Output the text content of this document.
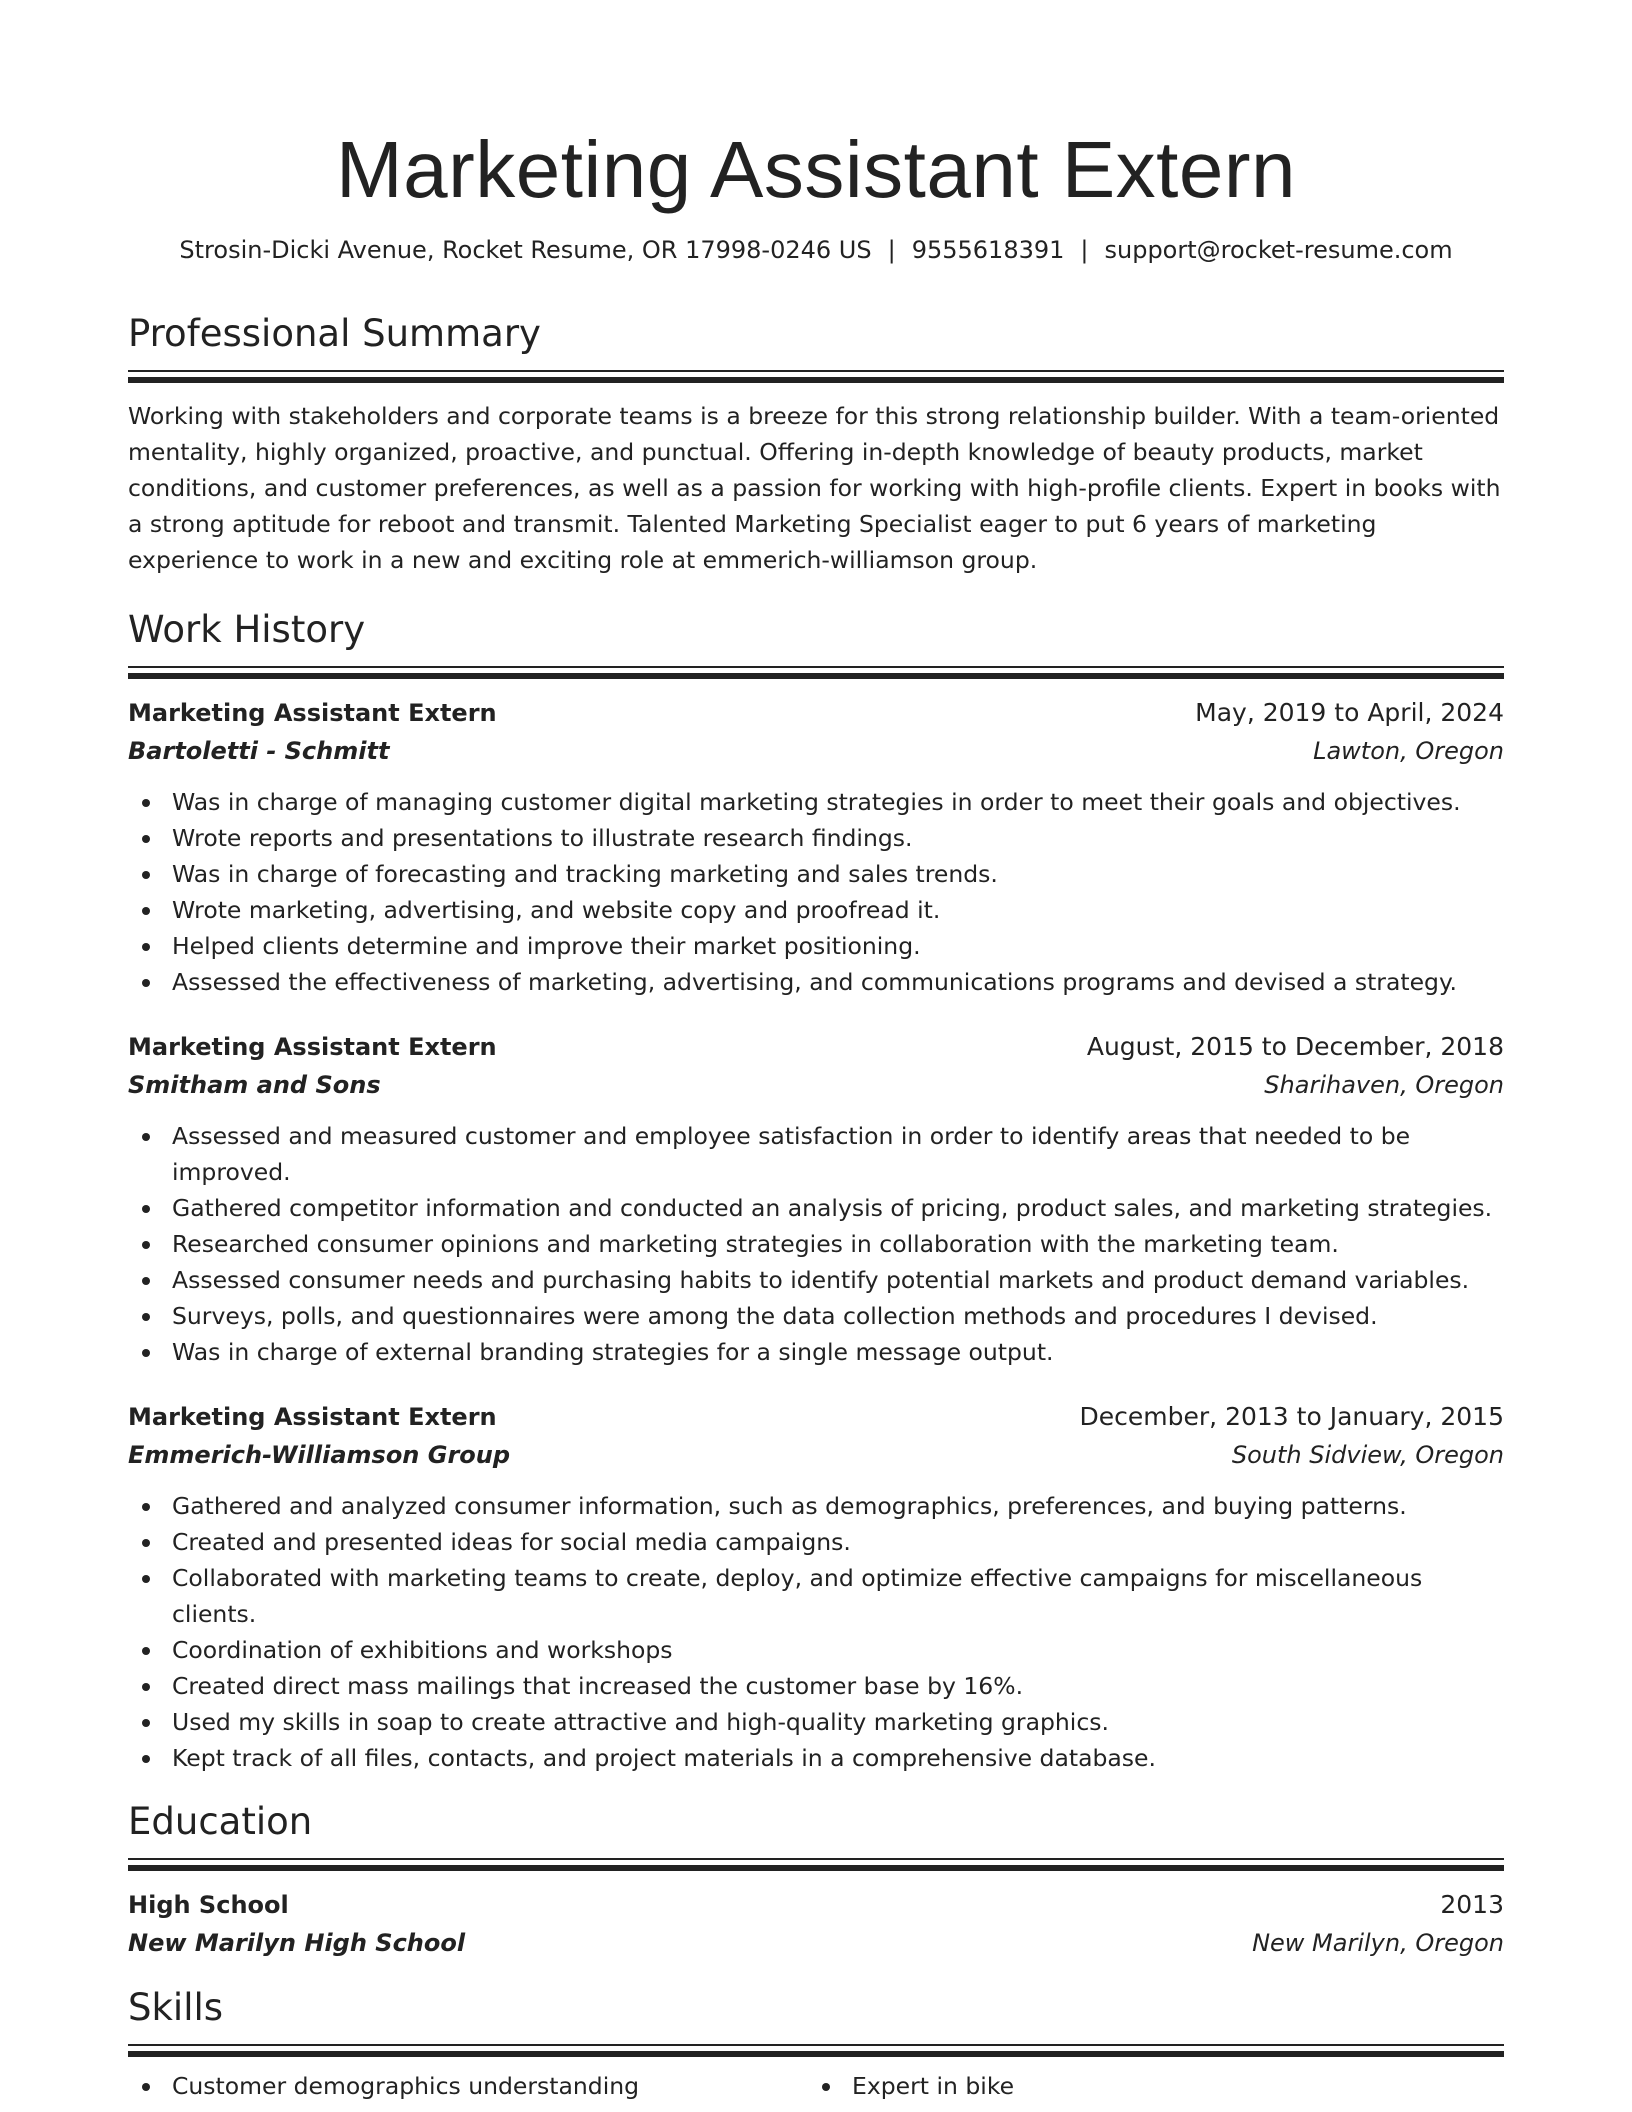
Marketing Assistant Extern
Strosin-Dicki Avenue, Rocket Resume, OR 17998-0246 US | 9555618391 | support@rocket-resume.com
Professional Summary

Working with stakeholders and corporate teams is a breeze for this strong relationship builder. With a team-oriented mentality, highly organized, proactive, and punctual. Offering in-depth knowledge of beauty products, market conditions, and customer preferences, as well as a passion for working with high-profile clients. Expert in books with a strong aptitude for reboot and transmit. Talented Marketing Specialist eager to put 6 years of marketing experience to work in a new and exciting role at emmerich-williamson group.

Work History
Marketing Assistant Extern	May, 2019 to April, 2024
Bartoletti - Schmitt	Lawton, Oregon
Was in charge of managing customer digital marketing strategies in order to meet their goals and objectives.
Wrote reports and presentations to illustrate research findings.
Was in charge of forecasting and tracking marketing and sales trends.
Wrote marketing, advertising, and website copy and proofread it.
Helped clients determine and improve their market positioning.
Assessed the effectiveness of marketing, advertising, and communications programs and devised a strategy.
Marketing Assistant Extern	August, 2015 to December, 2018
Smitham and Sons	Sharihaven, Oregon
Assessed and measured customer and employee satisfaction in order to identify areas that needed to be improved.
Gathered competitor information and conducted an analysis of pricing, product sales, and marketing strategies.
Researched consumer opinions and marketing strategies in collaboration with the marketing team.
Assessed consumer needs and purchasing habits to identify potential markets and product demand variables.
Surveys, polls, and questionnaires were among the data collection methods and procedures I devised.
Was in charge of external branding strategies for a single message output.
Marketing Assistant Extern	December, 2013 to January, 2015
Emmerich-Williamson Group	South Sidview, Oregon
Gathered and analyzed consumer information, such as demographics, preferences, and buying patterns.
Created and presented ideas for social media campaigns.
Collaborated with marketing teams to create, deploy, and optimize effective campaigns for miscellaneous clients.
Coordination of exhibitions and workshops
Created direct mass mailings that increased the customer base by 16%.
Used my skills in soap to create attractive and high-quality marketing graphics.
Kept track of all files, contacts, and project materials in a comprehensive database.
Education
High School	2013
New Marilyn High School	New Marilyn, Oregon
Skills
Customer demographics understanding	Expert in bike
